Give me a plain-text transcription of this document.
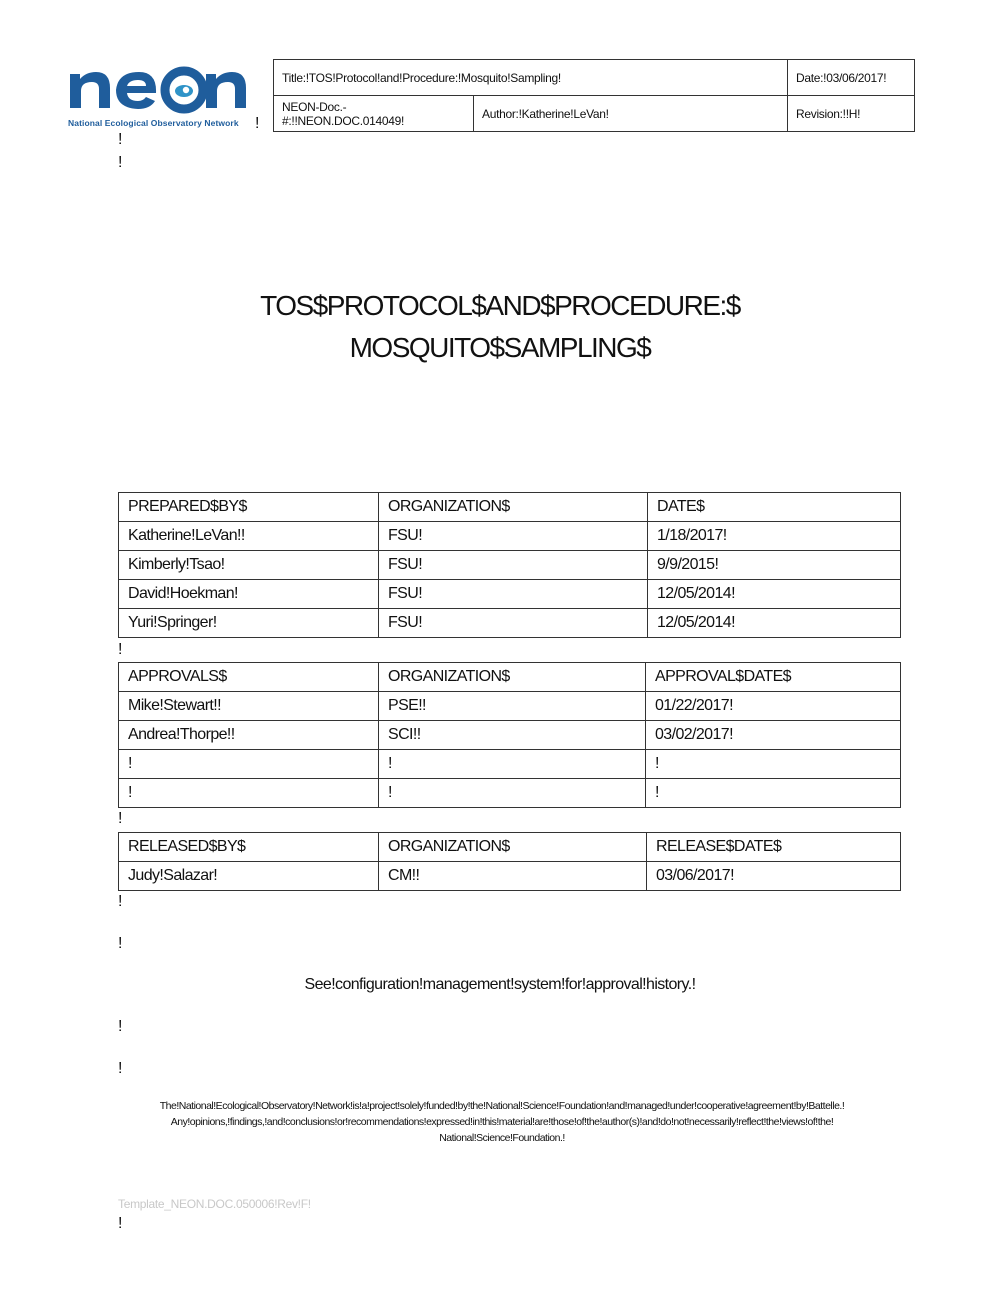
National Ecological Observatory Network !
!
!
Title:!TOS!Protocol!and!Procedure:!Mosquito!Sampling!		Date:!03/06/2017!
NEON-Doc.-#:!!NEON.DOC.014049!	Author:!Katherine!LeVan!	Revision:!!H!
TOS$PROTOCOL$AND$PROCEDURE:$
MOSQUITO$SAMPLING$
PREPARED$BY$	ORGANIZATION$	DATE$
Katherine!LeVan!!	FSU!	1/18/2017!
Kimberly!Tsao!	FSU!	9/9/2015!
David!Hoekman!	FSU!	12/05/2014!
Yuri!Springer!	FSU!	12/05/2014!
!
APPROVALS$	ORGANIZATION$	APPROVAL$DATE$
Mike!Stewart!!	PSE!!	01/22/2017!
Andrea!Thorpe!!	SCI!!	03/02/2017!
!	!	!
!	!	!
!
RELEASED$BY$	ORGANIZATION$	RELEASE$DATE$
Judy!Salazar!	CM!!	03/06/2017!
!
!
See!configuration!management!system!for!approval!history.!
!
!
The!National!Ecological!Observatory!Network!is!a!project!solely!funded!by!the!National!Science!Foundation!and!managed!under!cooperative!agreement!by!Battelle.!
Any!opinions,!findings,!and!conclusions!or!recommendations!expressed!in!this!material!are!those!of!the!author(s)!and!do!not!necessarily!reflect!the!views!of!the!
National!Science!Foundation.!
Template_NEON.DOC.050006!Rev!F!
!
